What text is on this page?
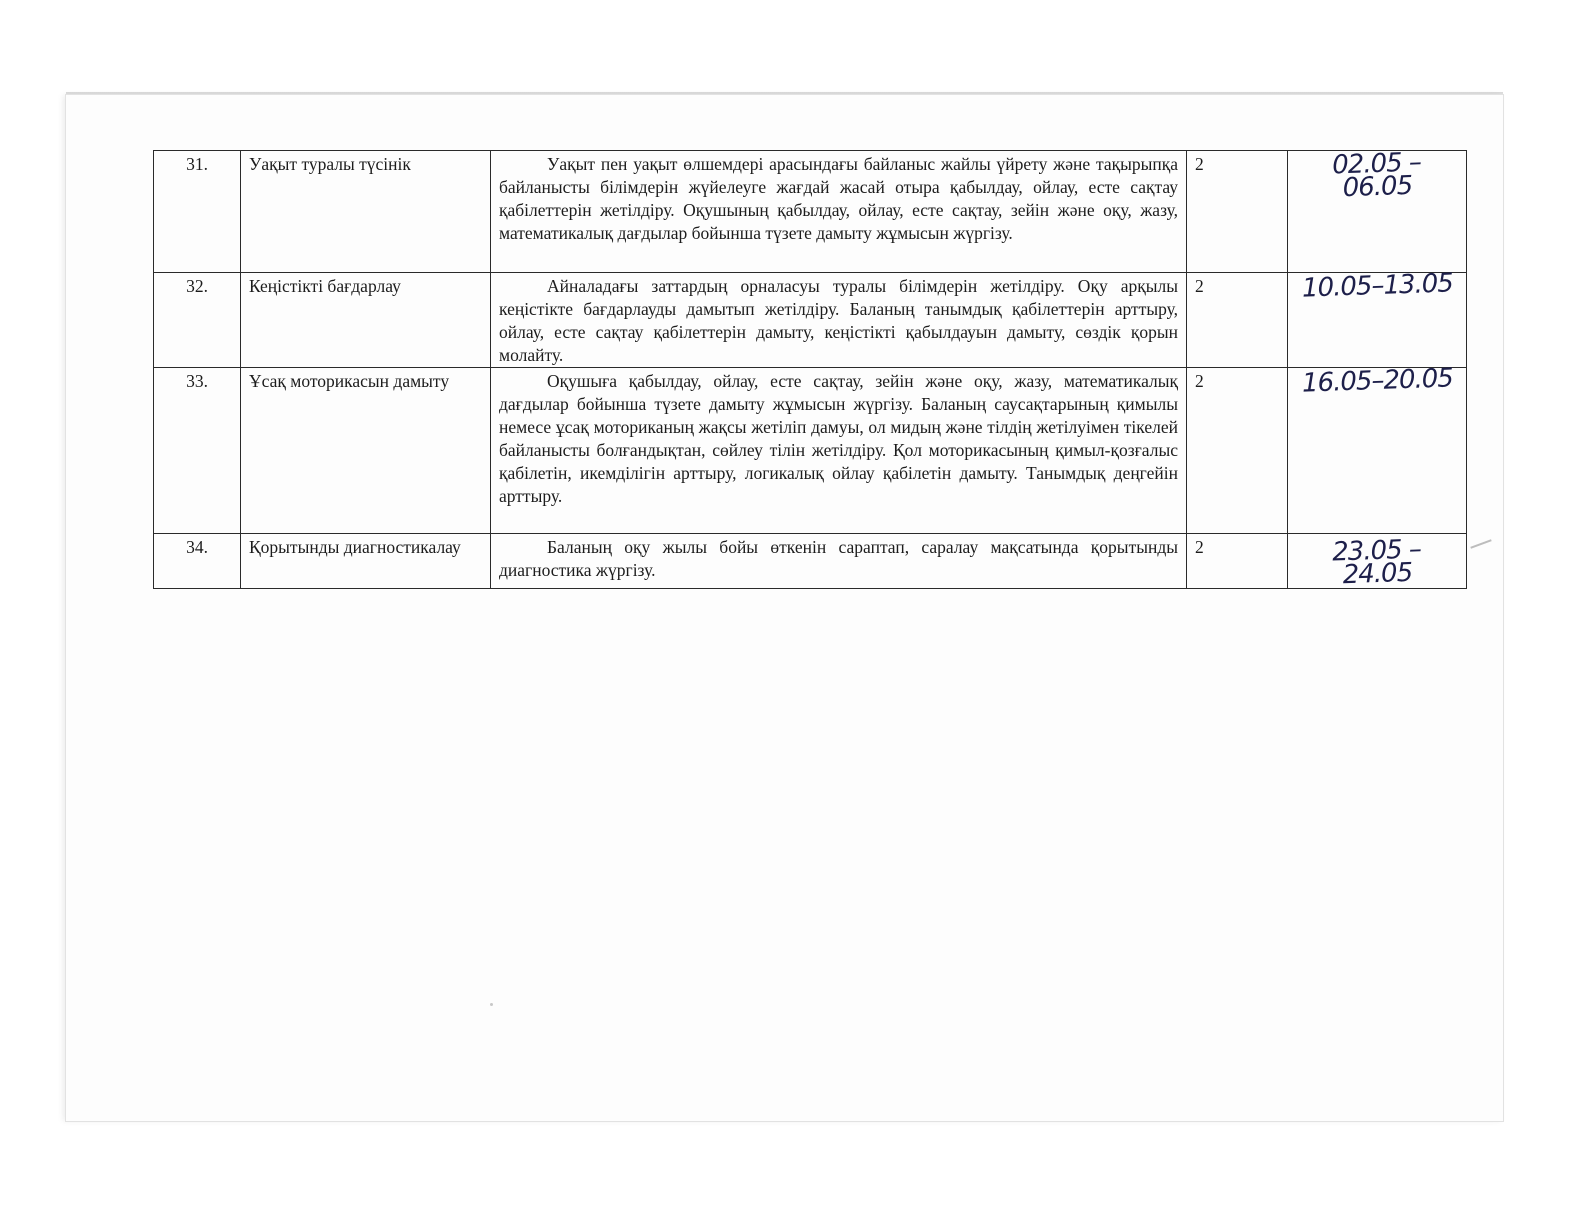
31.	Уақыт туралы түсінік	Уақыт пен уақыт өлшемдері арасындағы байланыс жайлы үйрету және тақырыпқа байланысты білімдерін жүйелеуге жағдай жасай отыра қабылдау, ойлау, есте сақтау қабілеттерін жетілдіру. Оқушының қабылдау, ойлау, есте сақтау, зейін және оқу, жазу, математикалық дағдылар бойынша түзете дамыту жұмысын жүргізу.	2	02.05 – 06.05
32.	Кеңістікті бағдарлау	Айналадағы заттардың орналасуы туралы білімдерін жетілдіру. Оқу арқылы кеңістікте бағдарлауды дамытып жетілдіру. Баланың танымдық қабілеттерін арттыру, ойлау, есте сақтау қабілеттерін дамыту, кеңістікті қабылдауын дамыту, сөздік қорын молайту.	2	10.05–13.05
33.	Ұсақ моторикасын дамыту	Оқушыға қабылдау, ойлау, есте сақтау, зейін және оқу, жазу, математикалық дағдылар бойынша түзете дамыту жұмысын жүргізу. Баланың саусақтарының қимылы немесе ұсақ моториканың жақсы жетіліп дамуы, ол мидың және тілдің жетілуімен тікелей байланысты болғандықтан, сөйлеу тілін жетілдіру. Қол моторикасының қимыл-қозғалыс қабілетін, икемділігін арттыру, логикалық ойлау қабілетін дамыту. Танымдық деңгейін арттыру.	2	16.05–20.05
34.	Қорытынды диагностикалау	Баланың оқу жылы бойы өткенін сараптап, саралау мақсатында қорытынды диагностика жүргізу.	2	23.05 – 24.05
